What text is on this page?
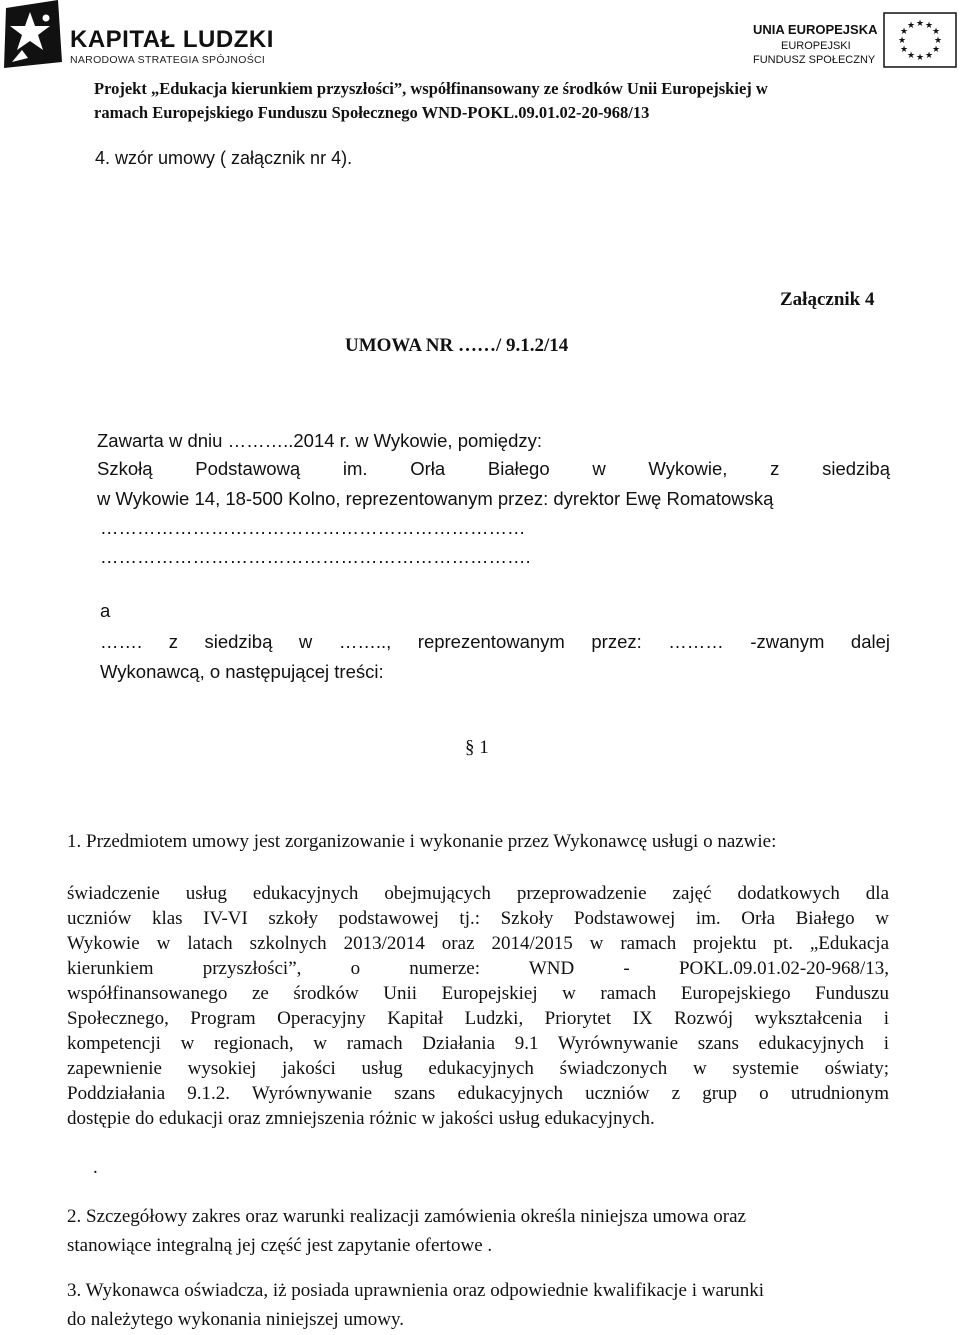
KAPITAŁ LUDZKI
NARODOWA STRATEGIA SPÓJNOŚCI
UNIA EUROPEJSKA
EUROPEJSKI
FUNDUSZ SPOŁECZNY
★ ★
★
★
★
★
★
★
★
★
★
★
Projekt „Edukacja kierunkiem przyszłości”, współfinansowany ze środków Unii Europejskiej w
ramach Europejskiego Funduszu Społecznego WND-POKL.09.01.02-20-968/13
4. wzór umowy ( załącznik nr 4).
Załącznik 4
UMOWA NR ……/ 9.1.2/14
Zawarta w dniu ………..2014 r. w Wykowie, pomiędzy:
Szkołą Podstawową im. Orła Białego w Wykowie, z siedzibą
w Wykowie 14, 18-500 Kolno, reprezentowanym przez: dyrektor Ewę Romatowską
……………………………………………………………
…………………………………………………………….
a
……. z siedzibą w …….., reprezentowanym przez: ……… -zwanym dalej
Wykonawcą, o następującej treści:
§ 1
1. Przedmiotem umowy jest zorganizowanie i wykonanie przez Wykonawcę usługi o nazwie:
świadczenie usług edukacyjnych obejmujących przeprowadzenie zajęć dodatkowych dla
uczniów klas IV-VI szkoły podstawowej tj.: Szkoły Podstawowej im. Orła Białego w
Wykowie w latach szkolnych 2013/2014 oraz 2014/2015 w ramach projektu pt. „Edukacja
kierunkiem przyszłości”, o numerze: WND - POKL.09.01.02-20-968/13,
współfinansowanego ze środków Unii Europejskiej w ramach Europejskiego Funduszu
Społecznego, Program Operacyjny Kapitał Ludzki, Priorytet IX Rozwój wykształcenia i
kompetencji w regionach, w ramach Działania 9.1 Wyrównywanie szans edukacyjnych i
zapewnienie wysokiej jakości usług edukacyjnych świadczonych w systemie oświaty;
Poddziałania 9.1.2. Wyrównywanie szans edukacyjnych uczniów z grup o utrudnionym
dostępie do edukacji oraz zmniejszenia różnic w jakości usług edukacyjnych.
.
2. Szczegółowy zakres oraz warunki realizacji zamówienia określa niniejsza umowa oraz
stanowiące integralną jej część jest zapytanie ofertowe .
3. Wykonawca oświadcza, iż posiada uprawnienia oraz odpowiednie kwalifikacje i warunki
do należytego wykonania niniejszej umowy.
